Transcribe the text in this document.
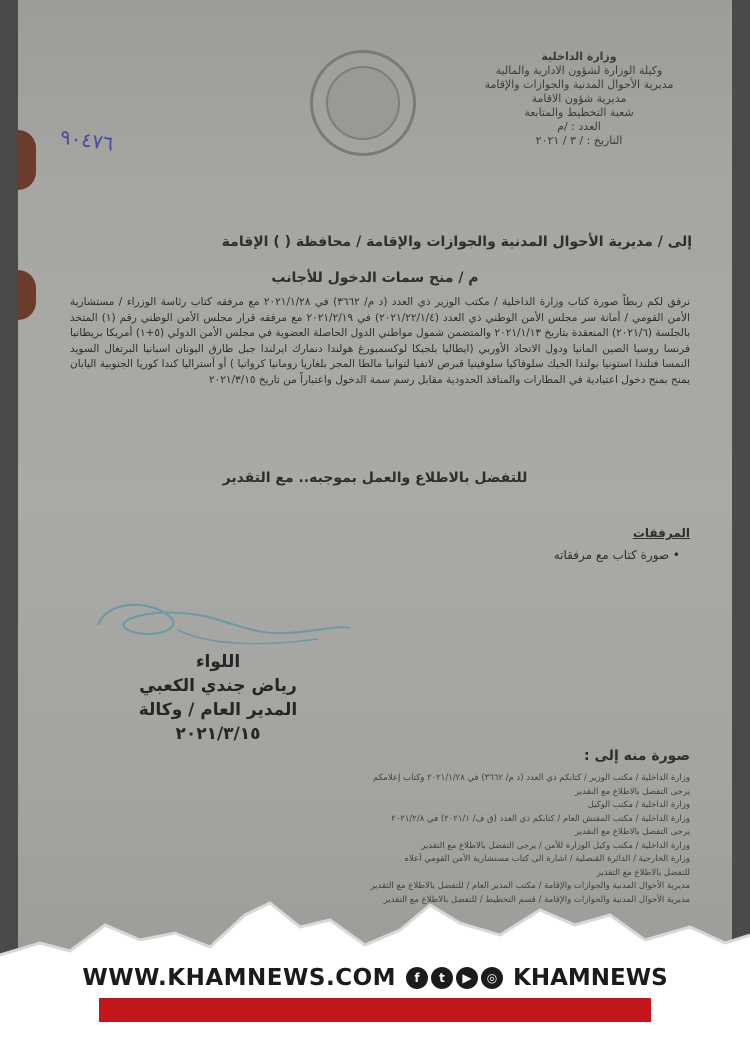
وزارة الداخلية
وكيلة الوزارة لشؤون الادارية والمالية
مديرية الأحوال المدنية والجوازات والإقامة
مديرية شؤون الاقامة
شعبة التخطيط والمتابعة
العدد : /م
التاريخ : / ٣ / ٢٠٢١
٩٠٤٧٦
إلى / مديرية الأحوال المدنية والجوازات والإقامة / محافظة ( ) الإقامة
م / منح سمات الدخول للأجانب
نرفق لكم ربطاً صورة كتاب وزارة الداخلية / مكتب الوزير ذي العدد (د م/ ٣٦٦٢) في ٢٠٢١/١/٢٨ مع مرفقه كتاب رئاسة الوزراء / مستشارية الأمن القومي / أمانة سر مجلس الأمن الوطني ذي العدد (٢٠٢١/٢٢/١/٤) في ٢٠٢١/٢/١٩ مع مرفقه قرار مجلس الأمن الوطني رقم (١) المتخذ بالجلسة (٢٠٢١/٦) المنعقدة بتاريخ ٢٠٢١/١/١٣ والمتضمن شمول مواطني الدول الحاصلة العضوية في مجلس الأمن الدولي (٥+١) أمريكا بريطانيا فرنسا روسيا الصين المانيا ودول الاتحاد الأوربي (ايطاليا بلجيكا لوكسمبورغ هولندا دنمارك ايرلندا جبل طارق اليونان اسبانيا البرتغال السويد النمسا فنلندا استونيا بولندا الجيك سلوفاكيا سلوفينيا قبرص لاتفيا لتوانيا مالطا المجر بلغاريا رومانيا كرواتيا ) أو أستراليا كندا كوريا الجنوبية اليابان يمنح بمنح دخول اعتيادية في المطارات والمنافذ الحدودية مقابل رسم سمة الدخول واعتباراً من تاريخ ٢٠٢١/٣/١٥
للتفضل بالاطلاع والعمل بموجبه.. مع التقدير
المرفقات
• صورة كتاب مع مرفقاته
اللواء
رياض جندي الكعبي
المدير العام / وكالة
٢٠٢١/٣/١٥
صورة منه إلى :
وزارة الداخلية / مكتب الوزير / كتابكم ذي العدد (د م/ ٣٦٦٢) في ٢٠٢١/١/٢٨ وكتاب إعلامكم
يرجى التفضل بالاطلاع مع التقدير
وزارة الداخلية / مكتب الوكيل
وزارة الداخلية / مكتب المفتش العام / كتابكم ذي العدد (ق ف/ ٢٠٢١/١) في ٢٠٢١/٢/٨
يرجى التفضل بالاطلاع مع التقدير
وزارة الداخلية / مكتب وكيل الوزارة للأمن / يرجى التفضل بالاطلاع مع التقدير
وزارة الخارجية / الدائرة القنصلية / اشارة الى كتاب مستشارية الأمن القومي أعلاه
للتفضل بالاطلاع مع التقدير
مديرية الأحوال المدنية والجوازات والإقامة / مكتب المدير العام / للتفضل بالاطلاع مع التقدير
مديرية الأحوال المدنية والجوازات والإقامة / قسم التخطيط / للتفضل بالاطلاع مع التقدير
WWW.KHAMNEWS.COM	f	t	▶	◎ KHAMNEWS
